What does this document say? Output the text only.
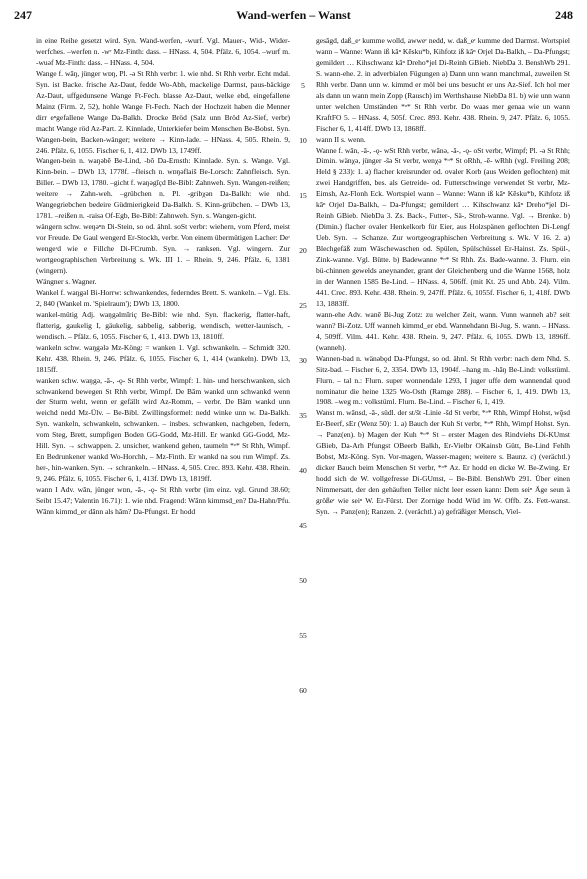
247	Wand-werfen – Wanst	248

in eine Reihe gesetzt wird. Syn. Wand-werfen, -wurf. Vgl. Mauer-, Wid-, Wider-werfches. –werfen n. -wᵉ Mz-Finth: dass. – HNass. 4, 504. Pfälz. 6, 1054. –wurf m. -wuəf Mz-Finth: dass. – HNass. 4, 504.

Wange f. wāŋ, jünger wɒŋ, Pl. -ə St Rhh verbr: 1. wie nhd. St Rhh verbr. Echt mdal. Syn. ist Backe. frische Az-Daut, fedde Wo-Abh, mackelige Darmst, paus-bäckige Az-Daut, uffgedunsene Wange Ft-Fech. blasse Az-Daut, welke ebd, eingefallene Mainz (Firm. 2, 52), hohle Wange Ft-Fech. Nach der Hochzeit haben die Menner dirr eⁿgefallene Wange Da-Balkh. Drocke Bröd (Salz unn Bröd Az-Sief, verbr) macht Wange röd Az-Part. 2. Kinnlade, Unterkiefer beim Menschen Be-Bobst. Syn. Wangen-bein, Backen-wänger; weitere → Kinn-lade. – HNass. 4, 505. Rhein. 9, 246. Pfälz. 6, 1055. Fischer 6, 1, 412. DWb 13, 1749ff.

Wangen-bein n. waŋəbē Be-Lind, -bõ Da-Ernsth: Kinnlade. Syn. s. Wange. Vgl. Kinn-bein. – DWb 13, 1778f. –fleisch n. wɒŋəflaiš Be-Lorsch: Zahnfleisch. Syn. Biller. – DWb 13, 1780. –gicht f. waŋəgīçd Be-Bibl: Zahnweh. Syn. Wangen-reißen; weitere → Zahn-weh. –grübchen n. Pl. -gribχən Da-Balkh: wie nhd. Wangegriebchen bedeire Güdmierigkeid Da-Balkh. S. Kinn-grübchen. – DWb 13, 1781. –reißen n. -raisə Of-Egb, Be-Bibl: Zahnweh. Syn. s. Wangen-gicht.

wängern schw. weŋəⁿn Di-Stein, so od. ähnl. soSt verbr: wiehern, vom Pferd, meist vor Freude. De Gaul wengerd Er-Stockh, verbr. Von einem übermütigen Lacher: Deʳ wengeʳd wie e Fillche Di-FCrumb. Syn. → ranksen. Vgl. wingern. Zur wortgeographischen Verbreitung s. Wk. III 1. – Rhein. 9, 246. Pfälz. 6, 1381 (wingern).

Wängner s. Wagner.

Wankel f. waŋgəl Bi-Horrw: schwankendes, federndes Brett. S. wankeln. – Vgl. Els. 2, 840 (Wankel m. 'Spielraum'); DWb 13, 1800.

wankel-mütig Adj. waŋgəlmīriç Be-Bibl: wie nhd. Syn. flackerig, flatter-haft, flatterig, gaukelig I, gäukelig, sabbelig, sabberig, wendisch, wetter-launisch, -wendisch. – Pfälz. 6, 1055. Fischer 6, 1, 413. DWb 13, 1810ff.

wankeln schw. waŋgələ Mz-Köng: = wanken 1. Vgl. schwankeln. – Schmidt 320. Kehr. 438. Rhein. 9, 246. Pfälz. 6, 1055. Fischer 6, 1, 414 (wankeln). DWb 13, 1815ff.

wanken schw. waŋgə, -ā-, -ǫ- St Rhh verbr, Wimpf: 1. hin- und herschwanken, sich schwankend bewegen St Rhh verbr, Wimpf. De Bām wankd unn schwankd wenn der Sturm weht, wenn er gefällt wird Az-Romm, – verbr. De Bäm wankd unn weichd nedd Mz-Ülv. – Be-Bibl. Zwillingsformel: nedd winke unn w. Da-Balkh. Syn. wankeln, schwankeln, schwanken. – insbes. schwanken, nachgeben, federn, vom Steg, Brett, sumpfigen Boden GG-Godd, Mz-Hill. Er wankd GG-Godd, Mz-Hill. Syn. → schwappen. 2. unsicher, wankend gehen, taumeln *ᵒ* St Rhh, Wimpf. En Bedrunkener wankd Wo-Horchh, – Mz-Finth. Er wankd na sou run Wimpf. Zs. her-, hin-wanken. Syn. → schrankeln. – HNass. 4, 505. Crec. 893. Kehr. 438. Rhein. 9, 246. Pfälz. 6, 1055. Fischer 6, 1, 413f. DWb 13, 1819ff.

wann I Adv. wān, jünger wɒn, -ā-, -ǫ- St Rhh verbr (im einz. vgl. Grund 38.60; Seibt 15.47; Valentin 16.71): 1. wie nhd. Fragend: Wānn kimmsd_en? Da-Hahn/Pfu. Wānn kimmd_er dānn als hām? Da-Pfungst. Er hodd

5
10
15
20
25
30
35
40
45
50
55
60

gesāgd, daß_eʳ kumme wolld, awweʳ nedd, w. daß_eʳ kumme ded Darmst. Wortspiel wann – Wanne: Wann iß kāⁿ Kēsku*b, Kihfotz iß kāⁿ Orjel Da-Balkh, – Da-Pfungst; gemildert … Kihschwanz kāⁿ Dreho*jel Di-Reinh GBieb. NiebDa 3. BenshWb 291. S. wann-ehe. 2. in adverbialen Fügungen a) Dann unn wann manchmal, zuweilen St Rhh verbr. Dann unn w. kimmd er möl bei uns besucht er uns Az-Sief. Ich hol mer als dann un wann mein Zopp (Rausch) im Werthshause NiebDa 81. b) wie unn wann unter welchen Umständen *ᵒ* St Rhh verbr. Do waas mer genaa wie un wann KraftFO 5. – HNass. 4, 505f. Crec. 893. Kehr. 438. Rhein. 9, 247. Pfälz. 6, 1055. Fischer 6, 1, 414ff. DWb 13, 1868ff.

wann II s. wenn.

Wanne f. wān, -ā-, -ǫ- wSt Rhh verbr, wānə, -ā-, -ǫ- oSt verbr, Wimpf; Pl. -ə St Rhh; Dimin. wänχə, jünger -šə St verbr, wenχə *ᵒ* St oRhh, -ē- wRhh (vgl. Freiling 208; Held § 233): 1. a) flacher kreisrunder od. ovaler Korb (aus Weiden geflochten) mit zwei Handgriffen, bes. als Getreide- od. Futterschwinge verwendet St verbr, Mz-Eimsh, Az-Flonh Eck. Wortspiel wann – Wanne: Wann iß kāⁿ Kēsku*b, Kihfotz iß kāⁿ Orjel Da-Balkh, – Da-Pfungst; gemildert … Kihschwanz kāⁿ Dreho*jel Di-Reinh GBieb. NiebDa 3. Zs. Back-, Futter-, Sä-, Stroh-wanne. Vgl. → Brenke. b) (Dimin.) flacher ovaler Henkelkorb für Eier, aus Holzspänen geflochten Di-Lengf Ueb. Syn. → Schanze. Zur wortgeographischen Verbreitung s. Wk. V 16. 2. a) Blechgefäß zum Wäschewaschen od. Spülen, Spülschüssel Er-Hainst. Zs. Spül-, Zink-wanne. Vgl. Bütte. b) Badewanne *ᵒ* St Rhh. Zs. Bade-wanne. 3. Flurn. ein bü-chinnen gewelds aneynander, grant der Gleichenberg und die Wanne 1568, holz in der Wannen 1585 Be-Lind. – HNass. 4, 506ff. (mit Kt. 25 und Abb. 24). Vilm. 441. Crec. 893. Kehr. 438. Rhein. 9, 247ff. Pfälz. 6, 1055f. Fischer 6, 1, 418f. DWb 13, 1883ff.

wann-ehe Adv. wanē Bi-Jug Zotz: zu welcher Zeit, wann. Vunn wanneh ab? seit wann? Bi-Zotz. Uff wanneh kimmd_er ebd. Wannehdann Bi-Jug. S. wann. – HNass. 4, 509ff. Vilm. 441. Kehr. 438. Rhein. 9, 247. Pfälz. 6, 1055. DWb 13, 1896ff. (wanneh).

Wannen-bad n. wänəbǫd Da-Pfungst, so od. ähnl. St Rhh verbr: nach dem Nhd. S. Sitz-bad. – Fischer 6, 2, 3354. DWb 13, 1904f. –hang m. -hāŋ Be-Lind: volkstüml. Flurn. – tal n.: Flurn. super wonnendale 1293, I juger uffe dem wannendal quod nominatur die heine 1325 Wo-Osth (Ramge 288). – Fischer 6, 1, 419. DWb 13, 1908. –weg m.: volkstüml. Flurn. Be-Lind. – Fischer 6, 1, 419.

Wanst m. wānsd, -ā-, südl. der st/št -Linie -šd St verbr, *ᵒ* Rhh, Wimpf Hohst, wǭsd Er-Beerf, sEr (Wenz 50): 1. a) Bauch der Kuh St verbr, *ᵒ* Rhh, Wimpf Hohst. Syn. → Panz(en). b) Magen der Kuh *ᵒ* St – erster Magen des Rindviehs Di-KUmst GBieb, Da-Arh Pfungst OBeerb Balkh, Er-Vielbr OKainsb Gütt, Be-Lind Fehlh Bobst, Mz-Köng. Syn. Vor-magen, Wasser-magen; weitere s. Baunz. c) (verächtl.) dicker Bauch beim Menschen St verbr, *ᵒ* Az. Er hodd en dicke W. Be-Zwing. Er hodd sich de W. vollgefresse Di-GUmst, – Be-Bibl. BenshWb 291. Über einen Nimmersatt, der den gehäuften Teller nicht leer essen kann: Dem seiⁿ Äge seun ä größeʳ wie seiⁿ W. Er-Fürst. Der Zornige hodd Wüd im W. Offb. Zs. Fett-wanst. Syn. → Panz(en); Ranzen. 2. (verächtl.) a) gefräßiger Mensch, Viel-
